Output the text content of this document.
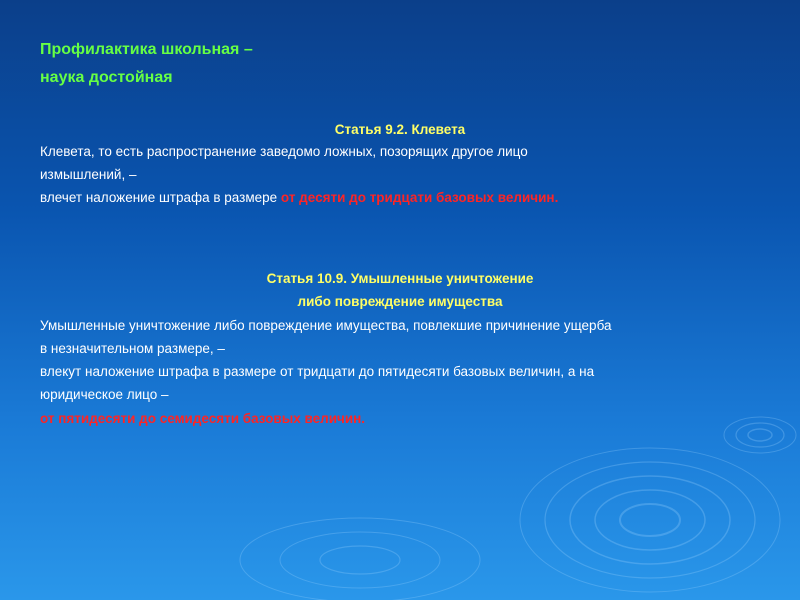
Профилактика школьная –
наука достойная
Статья 9.2. Клевета
Клевета, то есть распространение заведомо ложных, позорящих другое лицо
измышлений, –
влечет наложение штрафа в размере от десяти до тридцати базовых величин.
Статья 10.9. Умышленные уничтожение
либо повреждение имущества
Умышленные уничтожение либо повреждение имущества, повлекшие причинение ущерба
в незначительном размере, –
влекут наложение штрафа в размере от тридцати до пятидесяти базовых величин, а на
юридическое лицо –
от пятидесяти до семидесяти базовых величин.
